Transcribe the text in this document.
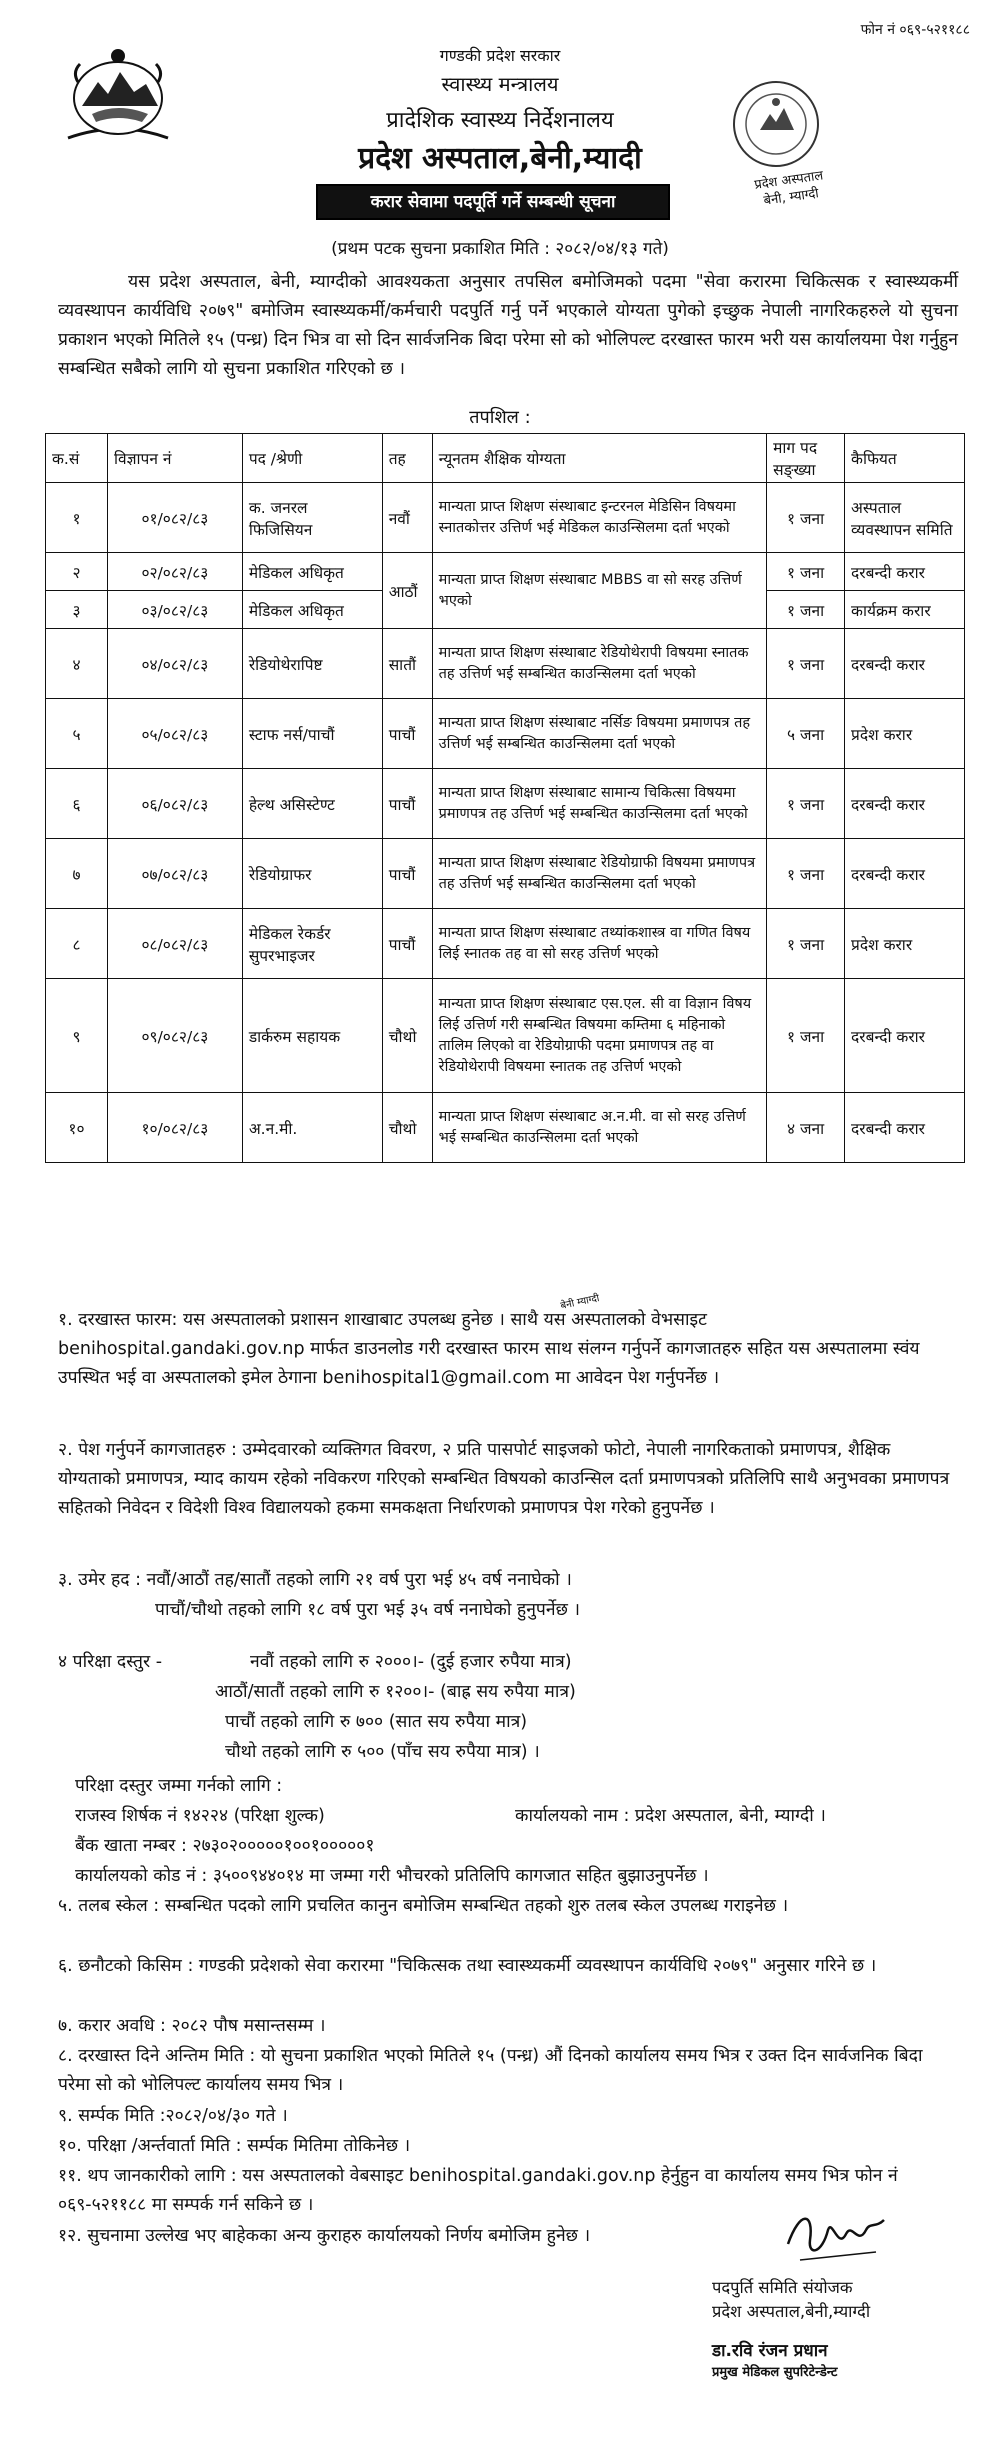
फोन नं ०६९-५२११८८
गण्डकी प्रदेश सरकार
स्वास्थ्य मन्त्रालय
प्रादेशिक स्वास्थ्य निर्देशनालय
प्रदेश अस्पताल,बेनी,म्यादी
प्रदेश अस्पताल
बेनी, म्याग्दी
करार सेवामा पदपूर्ति गर्ने सम्बन्धी सूचना
(प्रथम पटक सुचना प्रकाशित मिति : २०८२/०४/१३ गते)
यस प्रदेश अस्पताल, बेनी, म्याग्दीको आवश्यकता अनुसार तपसिल बमोजिमको पदमा "सेवा करारमा चिकित्सक र स्वास्थ्यकर्मी व्यवस्थापन कार्यविधि २०७९" बमोजिम स्वास्थ्यकर्मी/कर्मचारी पदपुर्ति गर्नु पर्ने भएकाले योग्यता पुगेको इच्छुक नेपाली नागरिकहरुले यो सुचना प्रकाशन भएको मितिले १५ (पन्ध्र) दिन भित्र वा सो दिन सार्वजनिक बिदा परेमा सो को भोलिपल्ट दरखास्त फारम भरी यस कार्यालयमा पेश गर्नुहुन सम्बन्धित सबैको लागि यो सुचना प्रकाशित गरिएको छ ।
तपशिल :
क.सं	विज्ञापन नं	पद /श्रेणी	तह	न्यूनतम शैक्षिक योग्यता	माग पद सङ्ख्या	कैफियत
१	०१/०८२/८३	क. जनरल फिजिसियन	नवौं	मान्यता प्राप्त शिक्षण संस्थाबाट इन्टरनल मेडिसिन विषयमा स्नातकोत्तर उत्तिर्ण भई मेडिकल काउन्सिलमा दर्ता भएको	१ जना	अस्पताल व्यवस्थापन समिति
२	०२/०८२/८३	मेडिकल अधिकृत	आठौं	मान्यता प्राप्त शिक्षण संस्थाबाट MBBS वा सो सरह उत्तिर्ण भएको	१ जना	दरबन्दी करार
३	०३/०८२/८३	मेडिकल अधिकृत			१ जना	कार्यक्रम करार
४	०४/०८२/८३	रेडियोथेरापिष्ट	सातौं	मान्यता प्राप्त शिक्षण संस्थाबाट रेडियोथेरापी विषयमा स्नातक तह उत्तिर्ण भई सम्बन्धित काउन्सिलमा दर्ता भएको	१ जना	दरबन्दी करार
५	०५/०८२/८३	स्टाफ नर्स/पाचौं	पाचौं	मान्यता प्राप्त शिक्षण संस्थाबाट नर्सिङ विषयमा प्रमाणपत्र तह उत्तिर्ण भई सम्बन्धित काउन्सिलमा दर्ता भएको	५ जना	प्रदेश करार
६	०६/०८२/८३	हेल्थ असिस्टेण्ट	पाचौं	मान्यता प्राप्त शिक्षण संस्थाबाट सामान्य चिकित्सा विषयमा प्रमाणपत्र तह उत्तिर्ण भई सम्बन्धित काउन्सिलमा दर्ता भएको	१ जना	दरबन्दी करार
७	०७/०८२/८३	रेडियोग्राफर	पाचौं	मान्यता प्राप्त शिक्षण संस्थाबाट रेडियोग्राफी विषयमा प्रमाणपत्र तह उत्तिर्ण भई सम्बन्धित काउन्सिलमा दर्ता भएको	१ जना	दरबन्दी करार
८	०८/०८२/८३	मेडिकल रेकर्डर सुपरभाइजर	पाचौं	मान्यता प्राप्त शिक्षण संस्थाबाट तथ्यांकशास्त्र वा गणित विषय लिई स्नातक तह वा सो सरह उत्तिर्ण भएको	१ जना	प्रदेश करार
९	०९/०८२/८३	डार्करुम सहायक	चौथो	मान्यता प्राप्त शिक्षण संस्थाबाट एस.एल. सी वा विज्ञान विषय लिई उत्तिर्ण गरी सम्बन्धित विषयमा कम्तिमा ६ महिनाको तालिम लिएको वा रेडियोग्राफी पदमा प्रमाणपत्र तह वा रेडियोथेरापी विषयमा स्नातक तह उत्तिर्ण भएको	१ जना	दरबन्दी करार
१०	१०/०८२/८३	अ.न.मी.	चौथो	मान्यता प्राप्त शिक्षण संस्थाबाट अ.न.मी. वा सो सरह उत्तिर्ण भई सम्बन्धित काउन्सिलमा दर्ता भएको	४ जना	दरबन्दी करार
बेनी म्याग्दी
१. दरखास्त फारम: यस अस्पतालको प्रशासन शाखाबाट उपलब्ध हुनेछ । साथै यस अस्पतालको वेभसाइट benihospital.gandaki.gov.np मार्फत डाउनलोड गरी दरखास्त फारम साथ संलग्न गर्नुपर्ने कागजातहरु सहित यस अस्पतालमा स्वंय उपस्थित भई वा अस्पतालको इमेल ठेगाना benihospital1@gmail.com मा आवेदन पेश गर्नुपर्नेछ ।
२. पेश गर्नुपर्ने कागजातहरु : उम्मेदवारको व्यक्तिगत विवरण, २ प्रति पासपोर्ट साइजको फोटो, नेपाली नागरिकताको प्रमाणपत्र, शैक्षिक योग्यताको प्रमाणपत्र, म्याद कायम रहेको नविकरण गरिएको सम्बन्धित विषयको काउन्सिल दर्ता प्रमाणपत्रको प्रतिलिपि साथै अनुभवका प्रमाणपत्र सहितको निवेदन र विदेशी विश्व विद्यालयको हकमा समकक्षता निर्धारणको प्रमाणपत्र पेश गरेको हुनुपर्नेछ ।
३. उमेर हद : नवौं/आठौं तह/सातौं तहको लागि २१ वर्ष पुरा भई ४५ वर्ष ननाघेको ।
पाचौं/चौथो तहको लागि १८ वर्ष पुरा भई ३५ वर्ष ननाघेको हुनुपर्नेछ ।
४ परिक्षा दस्तुर -	नवौं तहको लागि रु २०००।- (दुई हजार रुपैया मात्र)
आठौं/सातौं तहको लागि रु १२००।- (बाह्र सय रुपैया मात्र)
पाचौं तहको लागि रु ७०० (सात सय रुपैया मात्र)
चौथो तहको लागि रु ५०० (पाँच सय रुपैया मात्र) ।
परिक्षा दस्तुर जम्मा गर्नको लागि :
राजस्व शिर्षक नं १४२२४ (परिक्षा शुल्क)	कार्यालयको नाम : प्रदेश अस्पताल, बेनी, म्याग्दी ।
बैंक खाता नम्बर : २७३०२०००००१००१०००००१
कार्यालयको कोड नं : ३५००९४४०१४ मा जम्मा गरी भौचरको प्रतिलिपि कागजात सहित बुझाउनुपर्नेछ ।
५. तलब स्केल : सम्बन्धित पदको लागि प्रचलित कानुन बमोजिम सम्बन्धित तहको शुरु तलब स्केल उपलब्ध गराइनेछ ।
६. छनौटको किसिम : गण्डकी प्रदेशको सेवा करारमा "चिकित्सक तथा स्वास्थ्यकर्मी व्यवस्थापन कार्यविधि २०७९" अनुसार गरिने छ ।
७. करार अवधि : २०८२ पौष मसान्तसम्म ।
८. दरखास्त दिने अन्तिम मिति : यो सुचना प्रकाशित भएको मितिले १५ (पन्ध्र) औं दिनको कार्यालय समय भित्र र उक्त दिन सार्वजनिक बिदा परेमा सो को भोलिपल्ट कार्यालय समय भित्र ।
९. सर्म्पक मिति :२०८२/०४/३० गते ।
१०. परिक्षा /अर्न्तवार्ता मिति : सर्म्पक मितिमा तोकिनेछ ।
११. थप जानकारीको लागि : यस अस्पतालको वेबसाइट benihospital.gandaki.gov.np हेर्नुहुन वा कार्यालय समय भित्र फोन नं ०६९-५२११८८ मा सम्पर्क गर्न सकिने छ ।
१२. सुचनामा उल्लेख भए बाहेकका अन्य कुराहरु कार्यालयको निर्णय बमोजिम हुनेछ ।
पदपुर्ति समिति संयोजक
प्रदेश अस्पताल,बेनी,म्याग्दी
डा.रवि रंजन प्रधान
प्रमुख मेडिकल सुपरिटेन्डेन्ट
